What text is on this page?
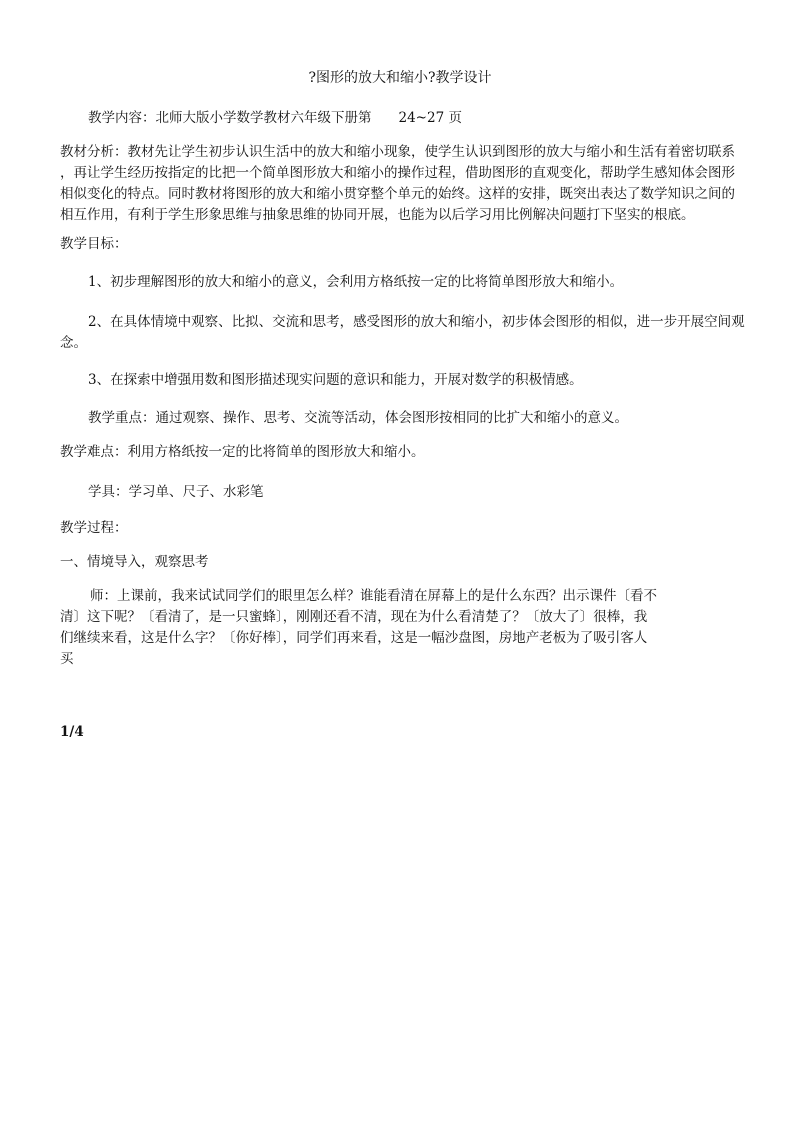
?图形的放大和缩小?教学设计
教学内容：北师大版小学数学教材六年级下册第　　24~27 页
教材分析：教材先让学生初步认识生活中的放大和缩小现象，使学生认识到图形的放大与缩小和生活有着密切联系
，再让学生经历按指定的比把一个简单图形放大和缩小的操作过程，借助图形的直观变化，帮助学生感知体会图形
相似变化的特点。同时教材将图形的放大和缩小贯穿整个单元的始终。这样的安排，既突出表达了数学知识之间的
相互作用，有利于学生形象思维与抽象思维的协同开展，也能为以后学习用比例解决问题打下坚实的根底。
教学目标：
1、初步理解图形的放大和缩小的意义，会利用方格纸按一定的比将简单图形放大和缩小。
2、在具体情境中观察、比拟、交流和思考，感受图形的放大和缩小，初步体会图形的相似，进一步开展空间观
念。
3、在探索中增强用数和图形描述现实问题的意识和能力，开展对数学的积极情感。
教学重点：通过观察、操作、思考、交流等活动，体会图形按相同的比扩大和缩小的意义。
教学难点：利用方格纸按一定的比将简单的图形放大和缩小。
学具：学习单、尺子、水彩笔
教学过程：
一、情境导入，观察思考
师：上课前，我来试试同学们的眼里怎么样？谁能看清在屏幕上的是什么东西？出示课件〔看不
清〕这下呢？〔看清了，是一只蜜蜂〕，刚刚还看不清，现在为什么看清楚了？〔放大了〕很棒，我
们继续来看，这是什么字？〔你好棒〕，同学们再来看，这是一幅沙盘图，房地产老板为了吸引客人
买
1/4
